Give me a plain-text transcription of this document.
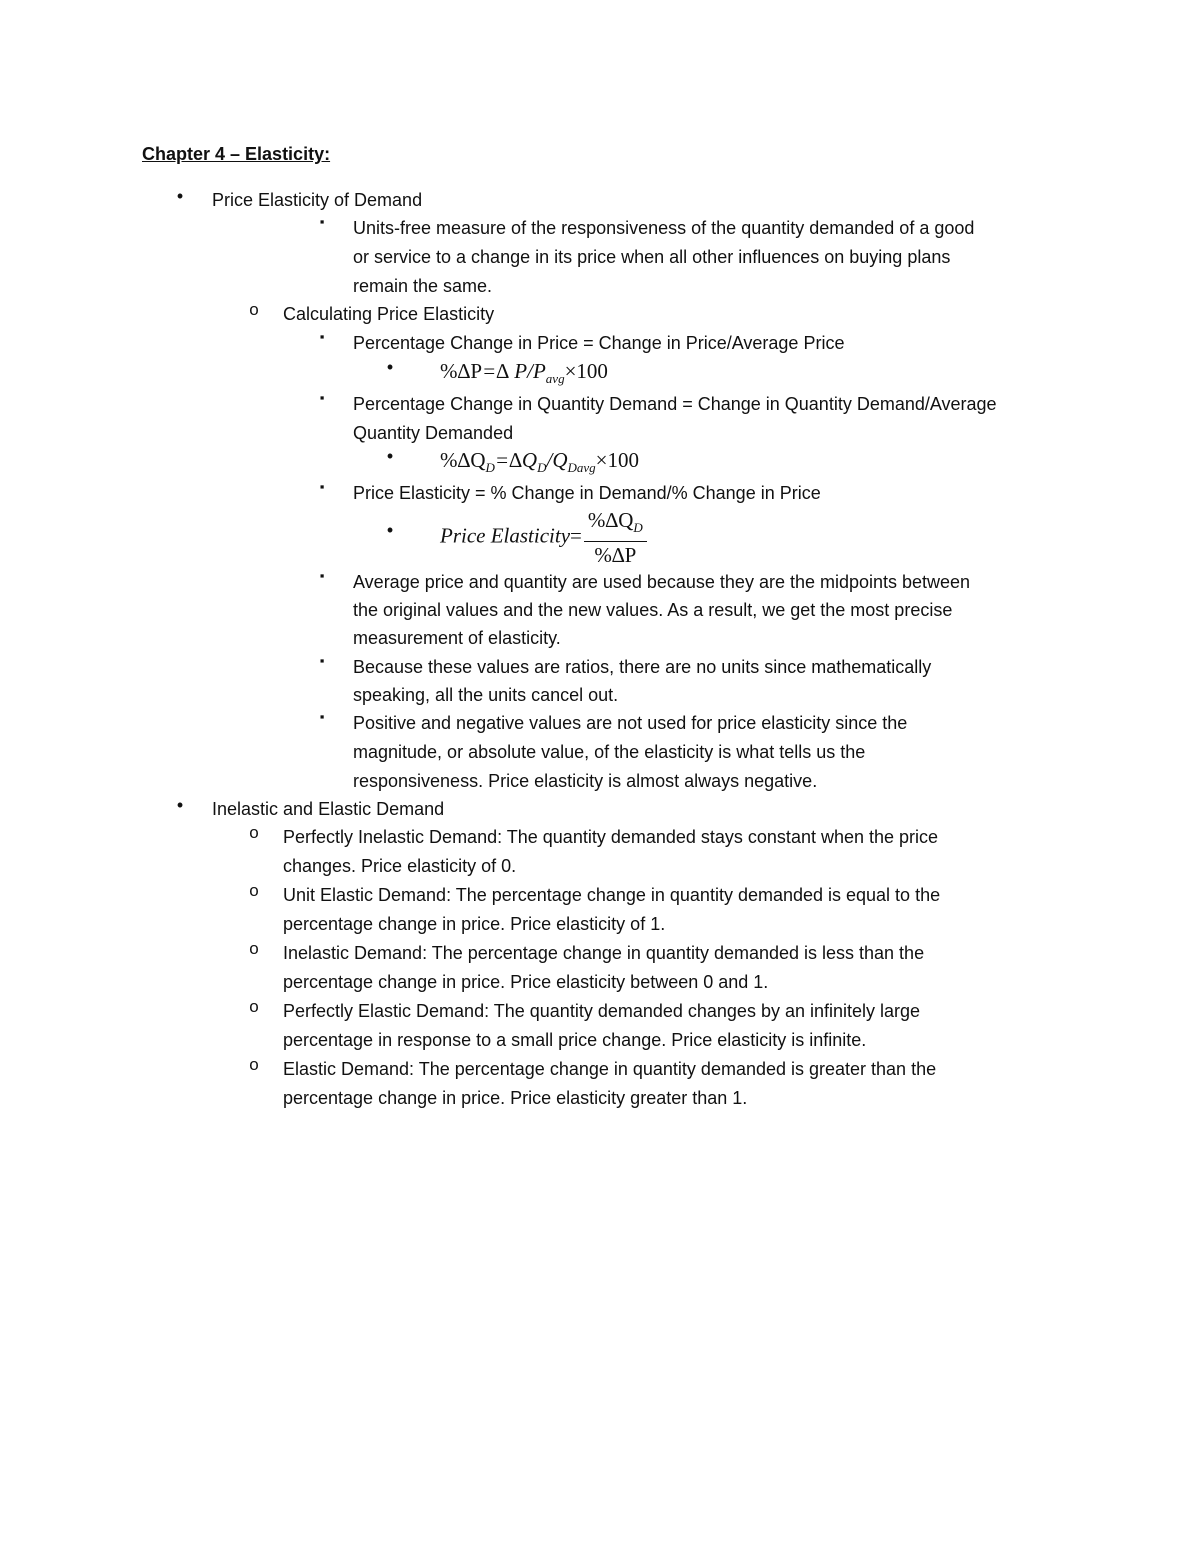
Chapter 4 – Elasticity:
•	Price Elasticity of Demand
▪	Units-free measure of the responsiveness of the quantity demanded of a good
or service to a change in its price when all other influences on buying plans
remain the same.
o Calculating Price Elasticity
▪	Percentage Change in Price = Change in Price/Average Price
• %∆P=∆ $P/P_{avg}\times 100$
▪	Percentage Change in Quantity Demand = Change in Quantity Demand/Average
Quantity Demanded
• $\%\Delta Q_D=\Delta Q_D/Q_{Davg}\times 100$
▪	Price Elasticity = % Change in Demand/% Change in Price
• Price Elasticity= $\frac{\%\Delta Q_D}{\%\Delta P}$
▪	Average price and quantity are used because they are the midpoints between
the original values and the new values. As a result, we get the most precise
measurement of elasticity.
▪	Because these values are ratios, there are no units since mathematically
speaking, all the units cancel out.
▪	Positive and negative values are not used for price elasticity since the
magnitude, or absolute value, of the elasticity is what tells us the
responsiveness. Price elasticity is almost always negative.
•	Inelastic and Elastic Demand
o Perfectly Inelastic Demand: The quantity demanded stays constant when the price
changes. Price elasticity of 0.
o Unit Elastic Demand: The percentage change in quantity demanded is equal to the
percentage change in price. Price elasticity of 1.
o Inelastic Demand: The percentage change in quantity demanded is less than the
percentage change in price. Price elasticity between 0 and 1.
o Perfectly Elastic Demand: The quantity demanded changes by an infinitely large
percentage in response to a small price change. Price elasticity is infinite.
o Elastic Demand: The percentage change in quantity demanded is greater than the
percentage change in price. Price elasticity greater than 1.
